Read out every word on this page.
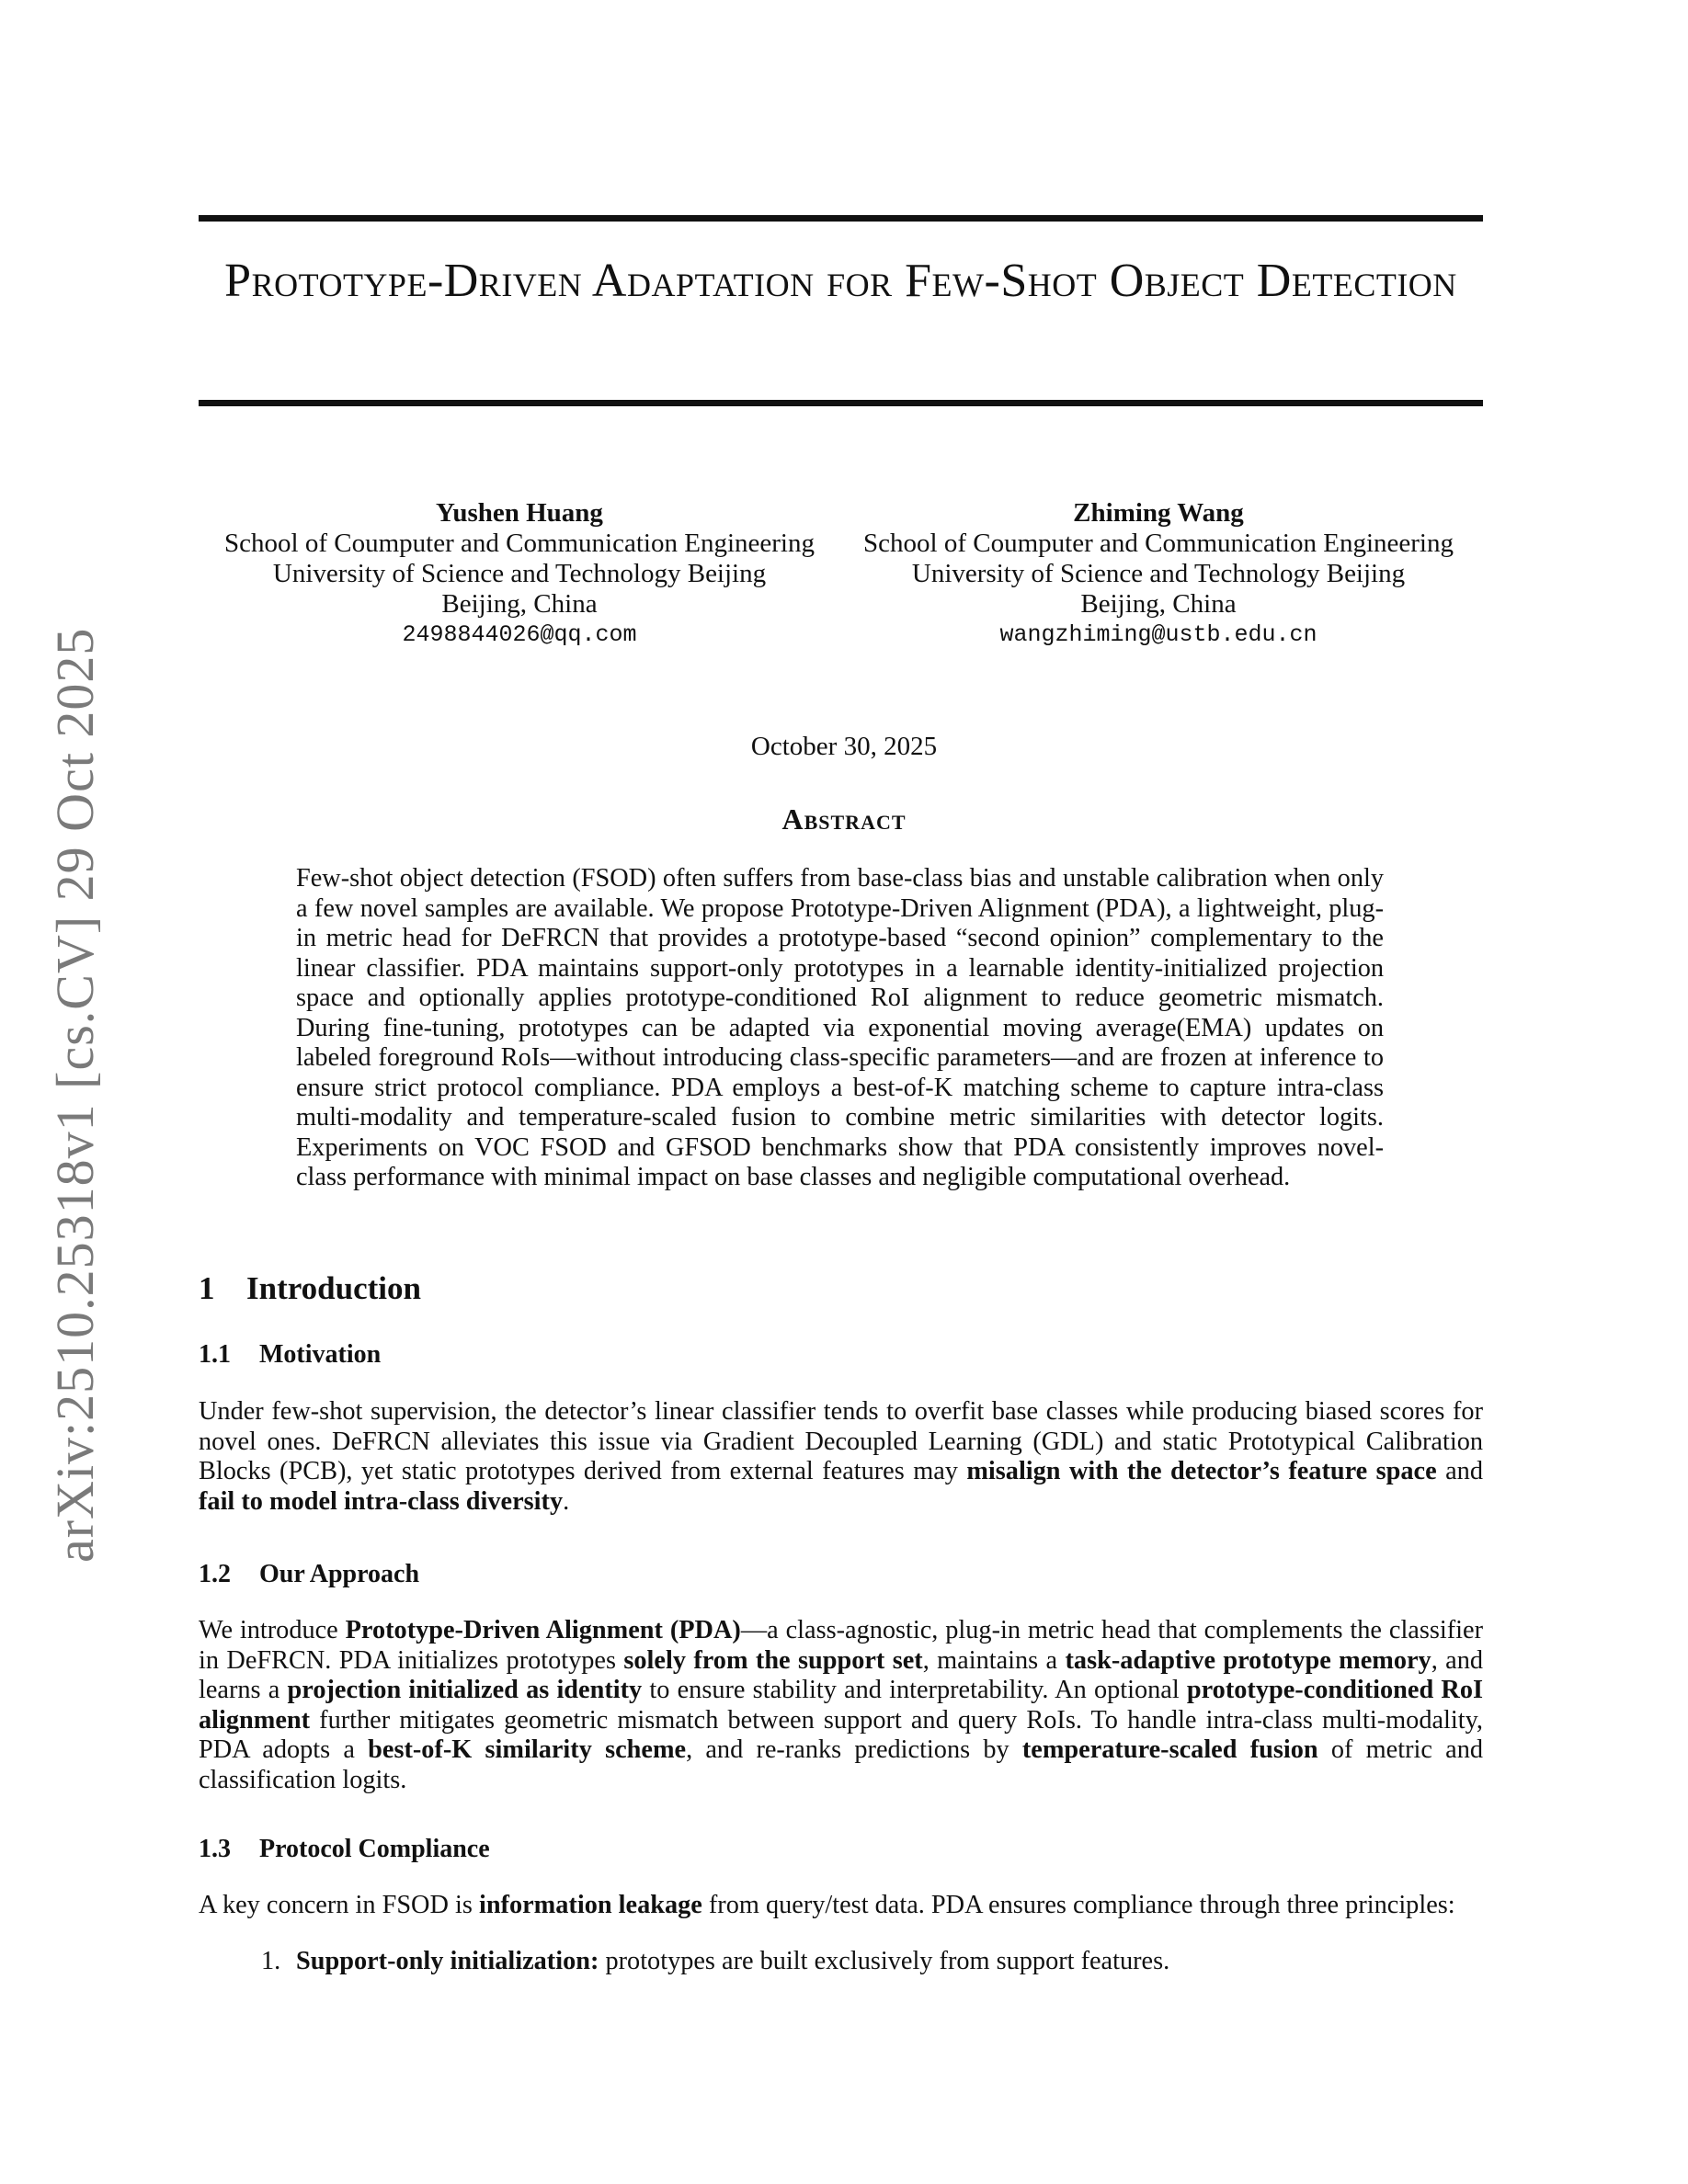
arXiv:2510.25318v1 [cs.CV] 29 Oct 2025
Prototype-Driven Adaptation for Few-Shot Object Detection
Yushen Huang
School of Coumputer and Communication Engineering
University of Science and Technology Beijing
Beijing, China
2498844026@qq.com
Zhiming Wang
School of Coumputer and Communication Engineering
University of Science and Technology Beijing
Beijing, China
wangzhiming@ustb.edu.cn
October 30, 2025
Abstract
Few-shot object detection (FSOD) often suffers from base-class bias and unstable calibration when only a few novel samples are available. We propose Prototype-Driven Alignment (PDA), a lightweight, plug-in metric head for DeFRCN that provides a prototype-based “second opinion” complementary to the linear classifier. PDA maintains support-only prototypes in a learnable identity-initialized projection space and optionally applies prototype-conditioned RoI alignment to reduce geometric mismatch. During fine-tuning, prototypes can be adapted via exponential moving average(EMA) updates on labeled foreground RoIs—without introducing class-specific parameters—and are frozen at inference to ensure strict protocol compliance. PDA employs a best-of-K matching scheme to capture intra-class multi-modality and temperature-scaled fusion to combine metric similarities with detector logits. Experiments on VOC FSOD and GFSOD benchmarks show that PDA consistently improves novel-class performance with minimal impact on base classes and negligible computational overhead.
1 Introduction
1.1 Motivation
Under few-shot supervision, the detector’s linear classifier tends to overfit base classes while producing biased scores for novel ones. DeFRCN alleviates this issue via Gradient Decoupled Learning (GDL) and static Prototypical Calibration Blocks (PCB), yet static prototypes derived from external features may misalign with the detector’s feature space and fail to model intra-class diversity.
1.2 Our Approach
We introduce Prototype-Driven Alignment (PDA)—a class-agnostic, plug-in metric head that complements the classifier in DeFRCN. PDA initializes prototypes solely from the support set, maintains a task-adaptive prototype memory, and learns a projection initialized as identity to ensure stability and interpretability. An optional prototype-conditioned RoI alignment further mitigates geometric mismatch between support and query RoIs. To handle intra-class multi-modality, PDA adopts a best-of-K similarity scheme, and re-ranks predictions by temperature-scaled fusion of metric and classification logits.
1.3 Protocol Compliance
A key concern in FSOD is information leakage from query/test data. PDA ensures compliance through three principles:
1. Support-only initialization: prototypes are built exclusively from support features.
